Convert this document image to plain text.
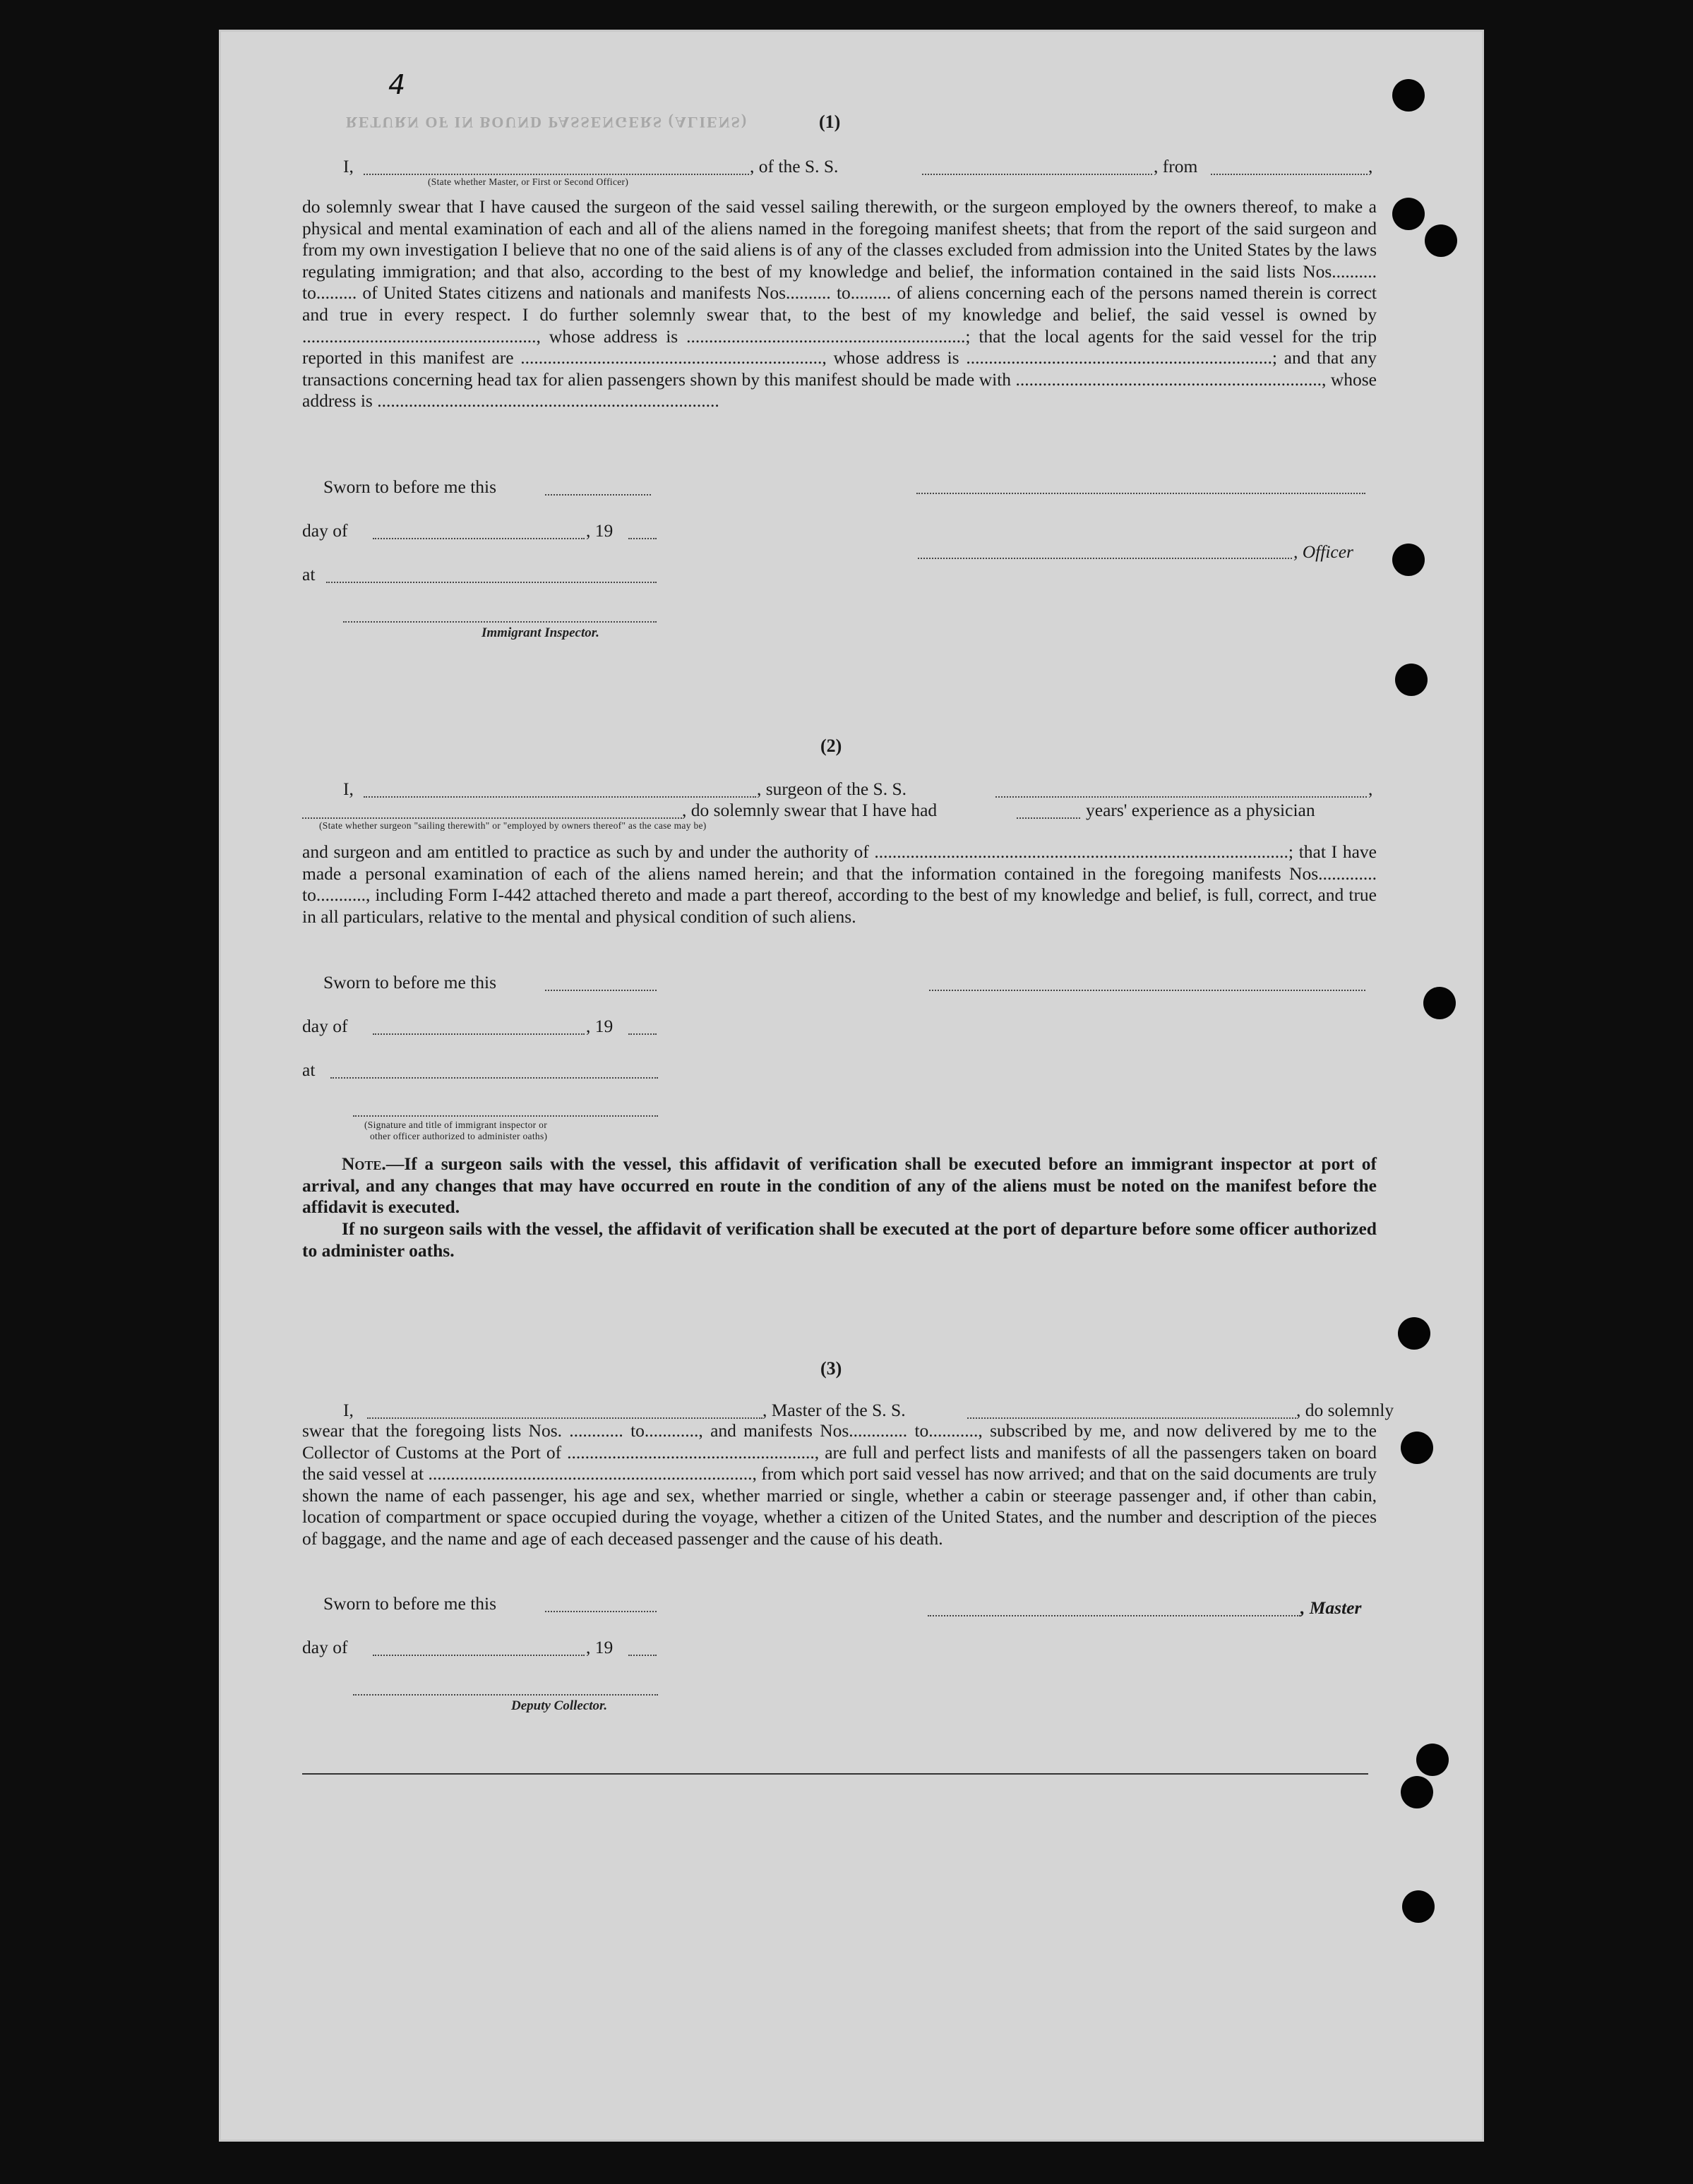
RETURN OF IN BOUND PASSENGERS (ALIENS)
4
(1)
I,	, of the S. S.	, from	,
(State whether Master, or First or Second Officer)
do solemnly swear that I have caused the surgeon of the said vessel sailing therewith, or the surgeon employed by the owners thereof, to make a physical and mental examination of each and all of the aliens named in the foregoing manifest sheets; that from the report of the said surgeon and from my own investigation I believe that no one of the said aliens is of any of the classes excluded from admission into the United States by the laws regulating immigration; and that also, according to the best of my knowledge and belief, the information contained in the said lists Nos.......... to......... of United States citizens and nationals and manifests Nos.......... to......... of aliens concerning each of the persons named therein is correct and true in every respect. I do further solemnly swear that, to the best of my knowledge and belief, the said vessel is owned by ...................................................., whose address is ..............................................................; that the local agents for the said vessel for the trip reported in this manifest are ..................................................................., whose address is ....................................................................; and that any transactions concerning head tax for alien passengers shown by this manifest should be made with ...................................................................., whose address is ............................................................................
Sworn to before me this
day of	, 19
, Officer
at
Immigrant Inspector.
(2)
I,	, surgeon of the S. S.	,
, do solemnly swear that I have had	years' experience as a physician
(State whether surgeon "sailing therewith" or "employed by owners thereof" as the case may be)
and surgeon and am entitled to practice as such by and under the authority of ............................................................................................; that I have made a personal examination of each of the aliens named herein; and that the information contained in the foregoing manifests Nos............. to..........., including Form I-442 attached thereto and made a part thereof, according to the best of my knowledge and belief, is full, correct, and true in all particulars, relative to the mental and physical condition of such aliens.
Sworn to before me this
day of	, 19
at
(Signature and title of immigrant inspector or
other officer authorized to administer oaths)
Note.—If a surgeon sails with the vessel, this affidavit of verification shall be executed before an immigrant inspector at port of arrival, and any changes that may have occurred en route in the condition of any of the aliens must be noted on the manifest before the affidavit is executed.
If no surgeon sails with the vessel, the affidavit of verification shall be executed at the port of departure before some officer authorized to administer oaths.
(3)
I,	, Master of the S. S.	, do solemnly
swear that the foregoing lists Nos. ............ to............, and manifests Nos............. to..........., subscribed by me, and now delivered by me to the Collector of Customs at the Port of ......................................................., are full and perfect lists and manifests of all the passengers taken on board the said vessel at ........................................................................, from which port said vessel has now arrived; and that on the said documents are truly shown the name of each passenger, his age and sex, whether married or single, whether a cabin or steerage passenger and, if other than cabin, location of compartment or space occupied during the voyage, whether a citizen of the United States, and the number and description of the pieces of baggage, and the name and age of each deceased passenger and the cause of his death.
Sworn to before me this	, Master
day of	, 19
Deputy Collector.
